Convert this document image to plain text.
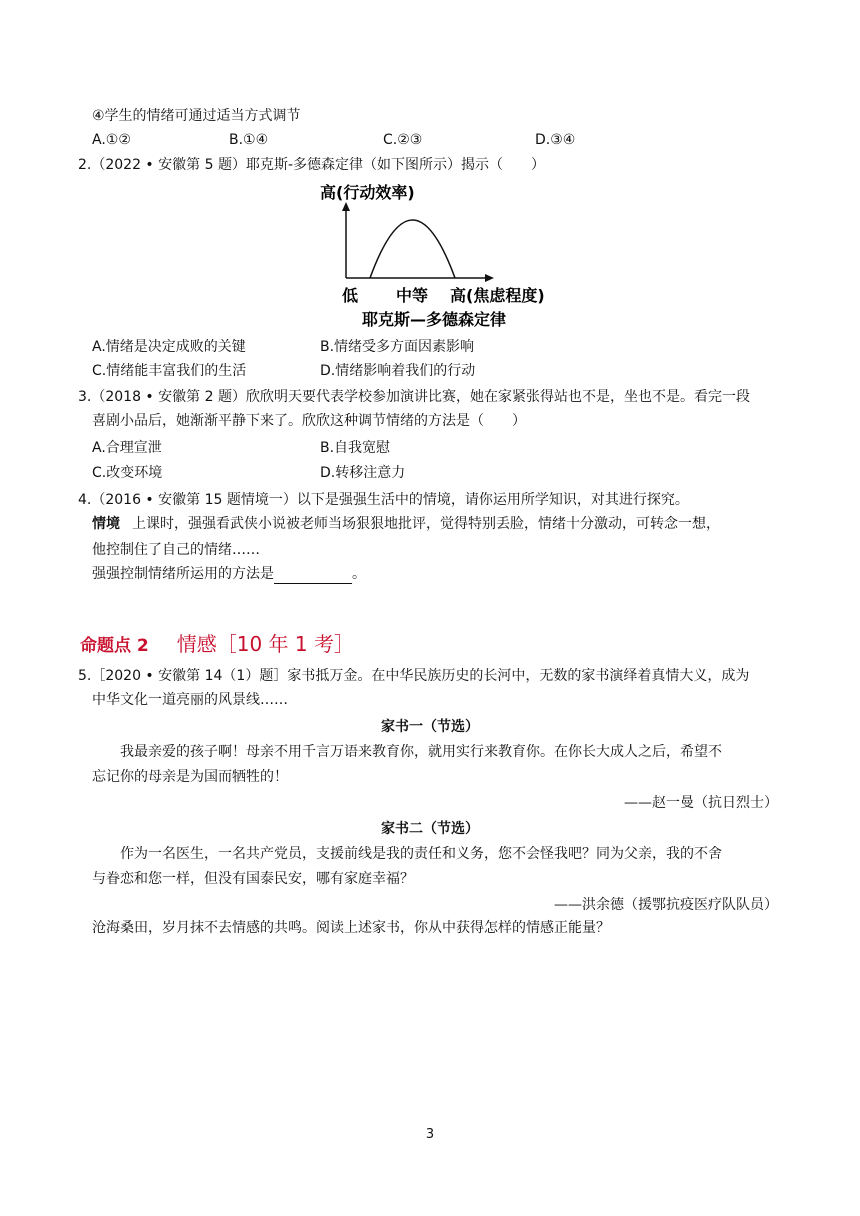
④学生的情绪可通过适当方式调节
A.①②	B.①④	C.②③	D.③④
2.（2022 • 安徽第 5 题）耶克斯-多德森定律（如下图所示）揭示（　　）
高(行动效率)
低 中等 高(焦虑程度)
耶克斯—多德森定律
A.情绪是决定成败的关键	B.情绪受多方面因素影响
C.情绪能丰富我们的生活	D.情绪影响着我们的行动
3.（2018 • 安徽第 2 题）欣欣明天要代表学校参加演讲比赛，她在家紧张得站也不是，坐也不是。看完一段
喜剧小品后，她渐渐平静下来了。欣欣这种调节情绪的方法是（　　）
A.合理宣泄	B.自我宽慰
C.改变环境	D.转移注意力
4.（2016 • 安徽第 15 题情境一）以下是强强生活中的情境，请你运用所学知识，对其进行探究。
情境 上课时，强强看武侠小说被老师当场狠狠地批评，觉得特别丢脸，情绪十分激动，可转念一想，
他控制住了自己的情绪……
强强控制情绪所运用的方法是	。
命题点 2 情感［10 年 1 考］
5.［2020 • 安徽第 14（1）题］家书抵万金。在中华民族历史的长河中，无数的家书演绎着真情大义，成为
中华文化一道亮丽的风景线……
家书一（节选）
我最亲爱的孩子啊！母亲不用千言万语来教育你，就用实行来教育你。在你长大成人之后，希望不
忘记你的母亲是为国而牺牲的！
——赵一曼（抗日烈士）
家书二（节选）
作为一名医生，一名共产党员，支援前线是我的责任和义务，您不会怪我吧？同为父亲，我的不舍
与眷恋和您一样，但没有国泰民安，哪有家庭幸福？
——洪余德（援鄂抗疫医疗队队员）
沧海桑田，岁月抹不去情感的共鸣。阅读上述家书，你从中获得怎样的情感正能量？
3
